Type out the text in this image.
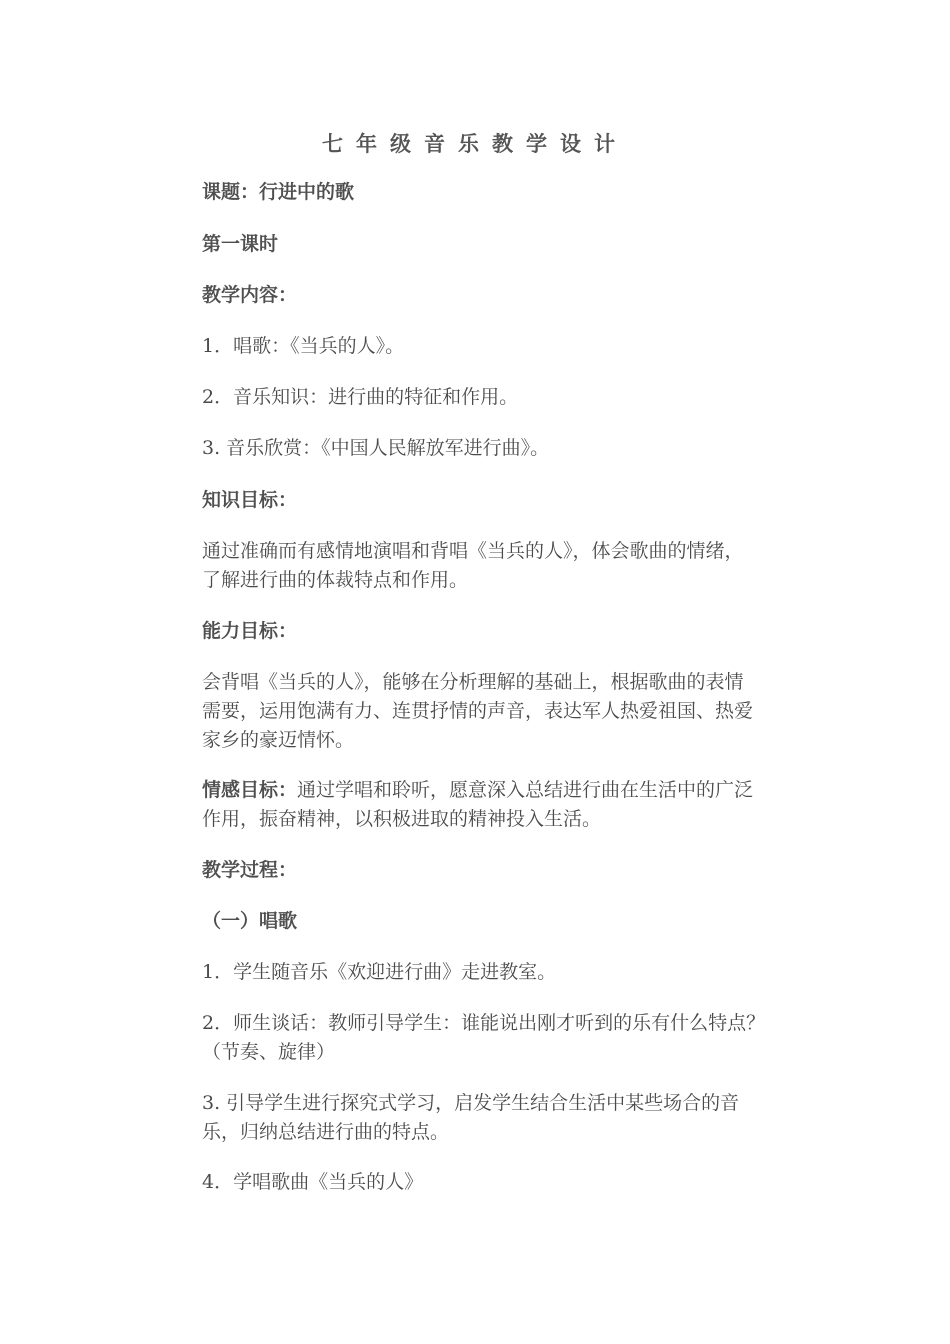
七年级音乐教学设计
课题：行进中的歌
第一课时
教学内容：
1．唱歌：《当兵的人》。
2．音乐知识：进行曲的特征和作用。
3. 音乐欣赏：《中国人民解放军进行曲》。
知识目标：
通过准确而有感情地演唱和背唱《当兵的人》，体会歌曲的情绪，
了解进行曲的体裁特点和作用。
能力目标：
会背唱《当兵的人》，能够在分析理解的基础上，根据歌曲的表情
需要，运用饱满有力、连贯抒情的声音，表达军人热爱祖国、热爱
家乡的豪迈情怀。
情感目标：通过学唱和聆听，愿意深入总结进行曲在生活中的广泛
作用，振奋精神，以积极进取的精神投入生活。
教学过程：
（一）唱歌
1．学生随音乐《欢迎进行曲》走进教室。
2．师生谈话：教师引导学生：谁能说出刚才听到的乐有什么特点？
（节奏、旋律）
3. 引导学生进行探究式学习，启发学生结合生活中某些场合的音
乐，归纳总结进行曲的特点。
4．学唱歌曲《当兵的人》
